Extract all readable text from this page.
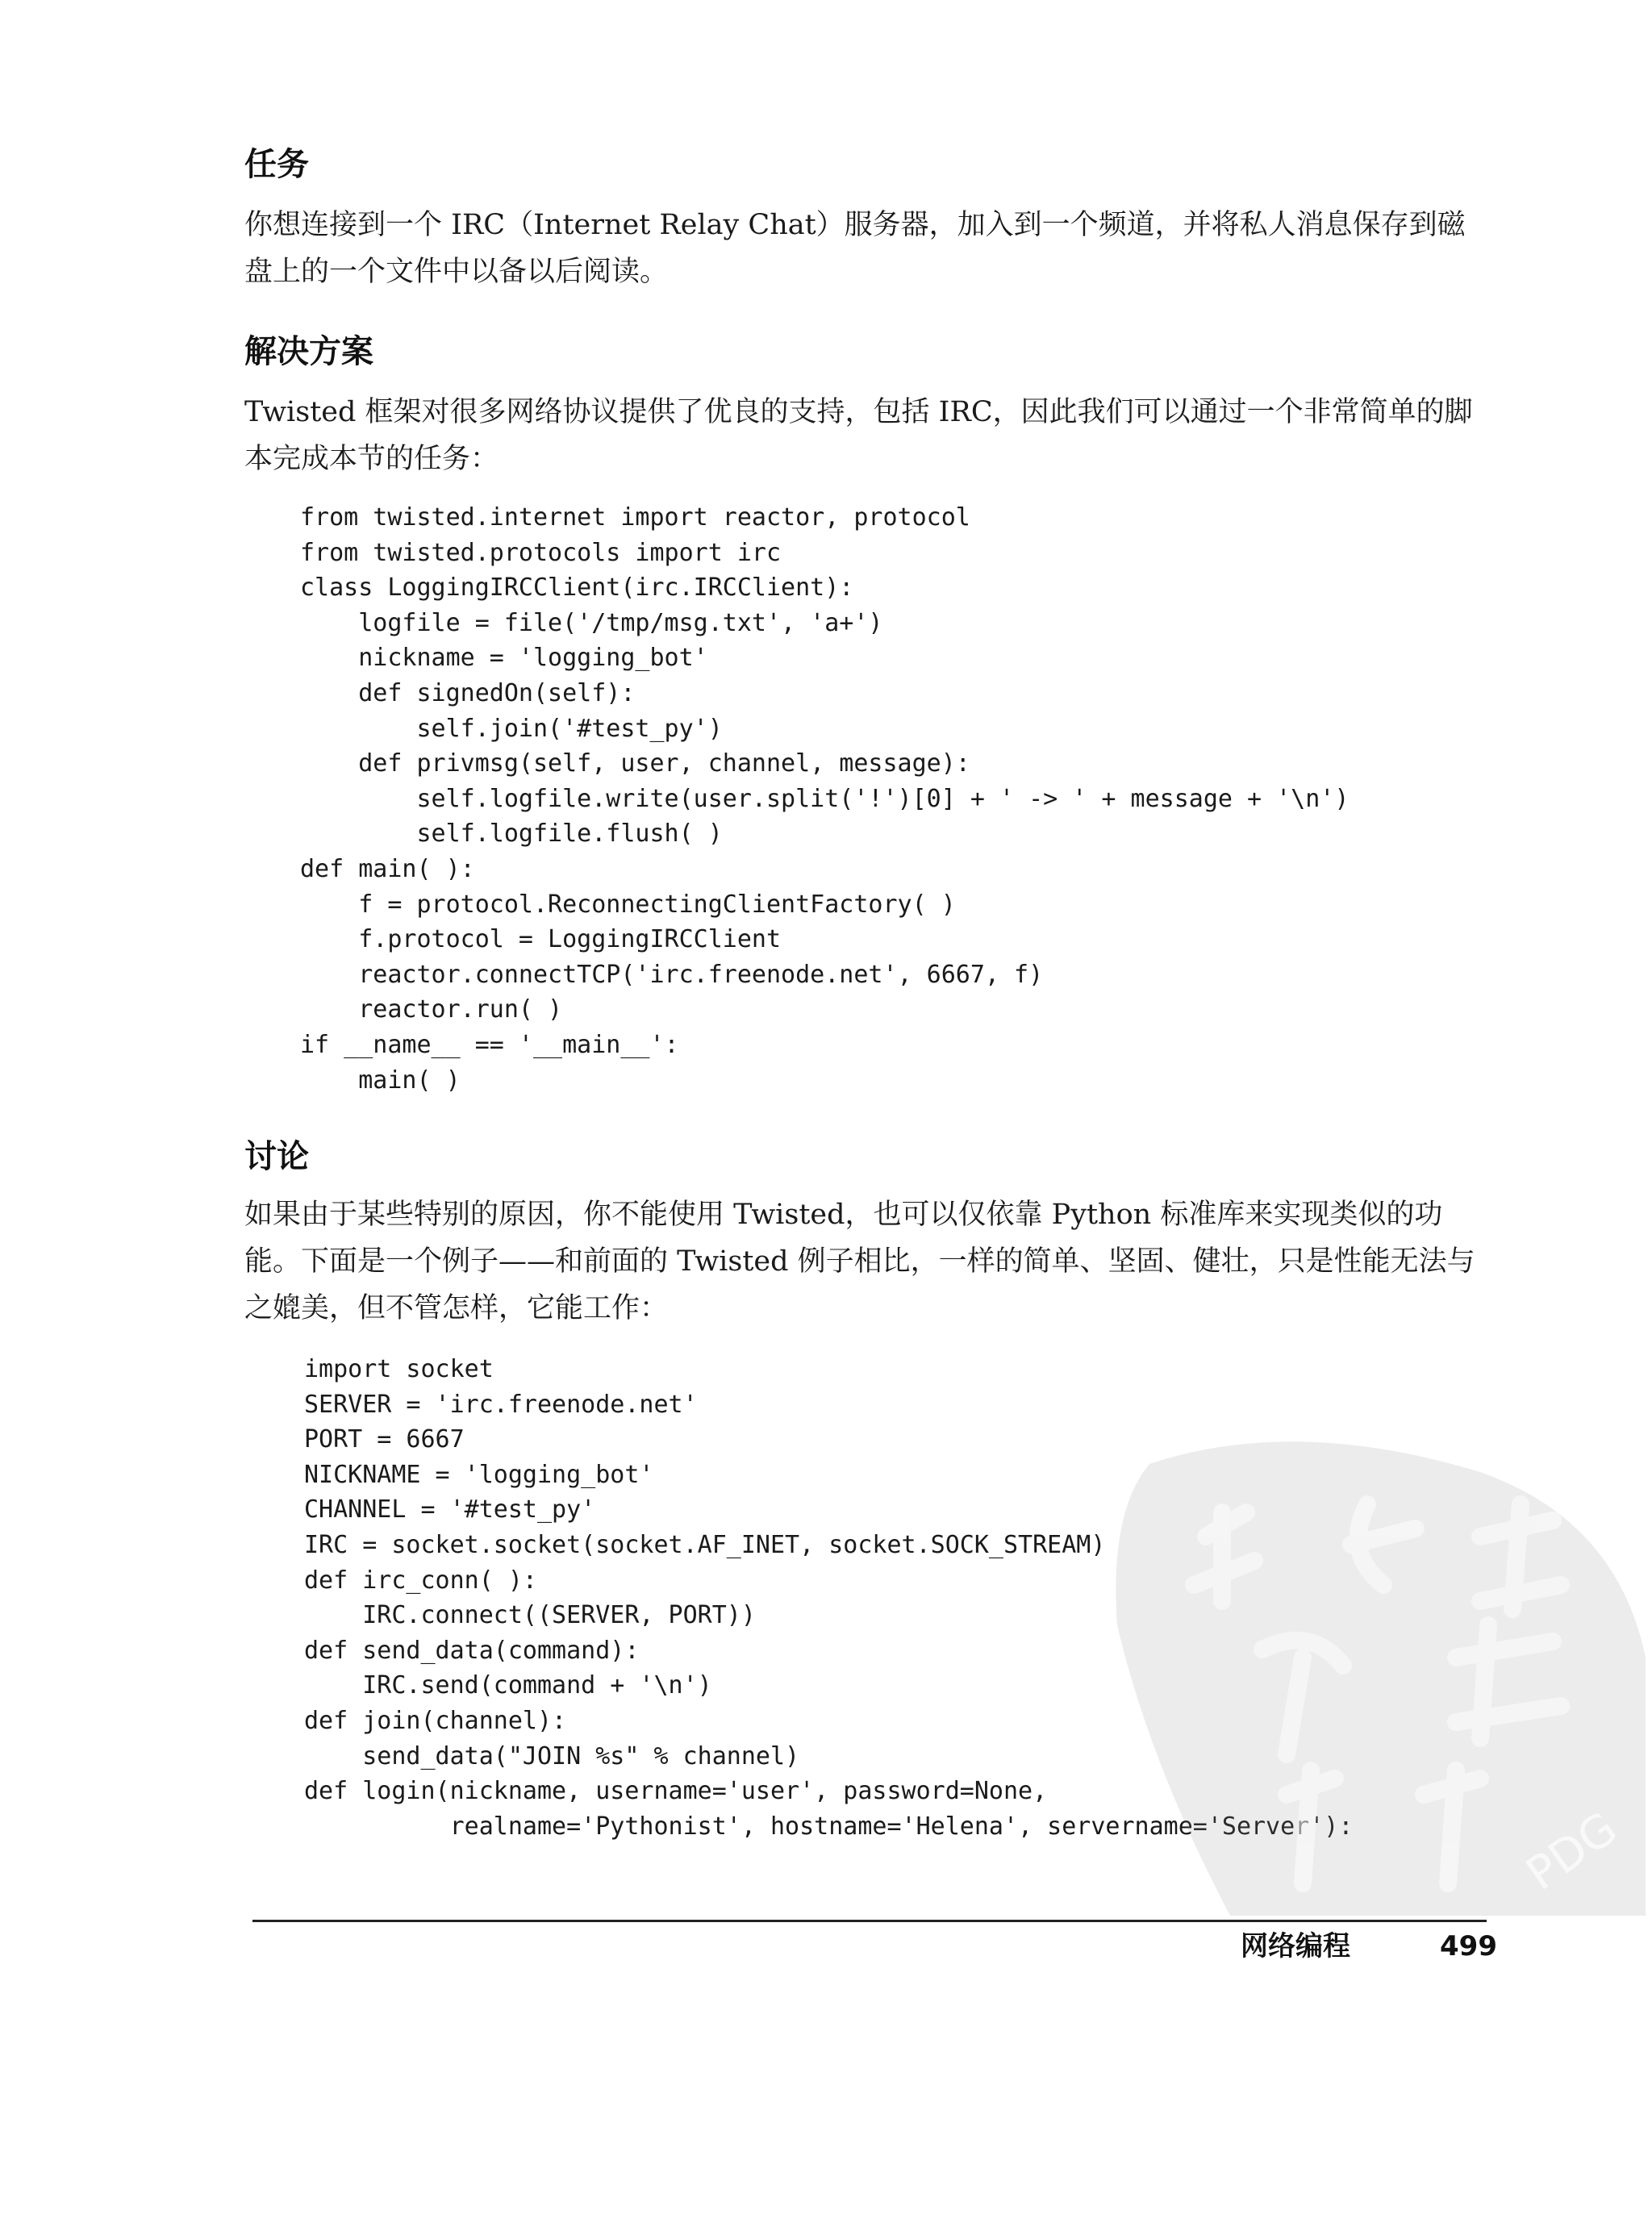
任务

你想连接到一个 IRC（Internet Relay Chat）服务器，加入到一个频道，并将私人消息保存到磁盘上的一个文件中以备以后阅读。

解决方案

Twisted 框架对很多网络协议提供了优良的支持，包括 IRC，因此我们可以通过一个非常简单的脚本完成本节的任务：

from twisted.internet import reactor, protocol
from twisted.protocols import irc
class LoggingIRCClient(irc.IRCClient):
logfile = file('/tmp/msg.txt', 'a+')
nickname = 'logging_bot'
def signedOn(self):
self.join('#test_py')
def privmsg(self, user, channel, message):
self.logfile.write(user.split('!')[0] + ' -> ' + message + '\n')
self.logfile.flush( )
def main( ):
f = protocol.ReconnectingClientFactory( )
f.protocol = LoggingIRCClient
reactor.connectTCP('irc.freenode.net', 6667, f)
reactor.run( )
if __name__ == '__main__':
main( )
讨论

如果由于某些特别的原因，你不能使用 Twisted，也可以仅依靠 Python 标准库来实现类似的功能。下面是一个例子——和前面的 Twisted 例子相比，一样的简单、坚固、健壮，只是性能无法与之媲美，但不管怎样，它能工作：

import socket
SERVER = 'irc.freenode.net'
PORT = 6667
NICKNAME = 'logging_bot'
CHANNEL = '#test_py'
IRC = socket.socket(socket.AF_INET, socket.SOCK_STREAM)
def irc_conn( ):
IRC.connect((SERVER, PORT))
def send_data(command):
IRC.send(command + '\n')
def join(channel):
send_data("JOIN %s" % channel)
def login(nickname, username='user', password=None,
realname='Pythonist', hostname='Helena',	PDG
网络编程	499
